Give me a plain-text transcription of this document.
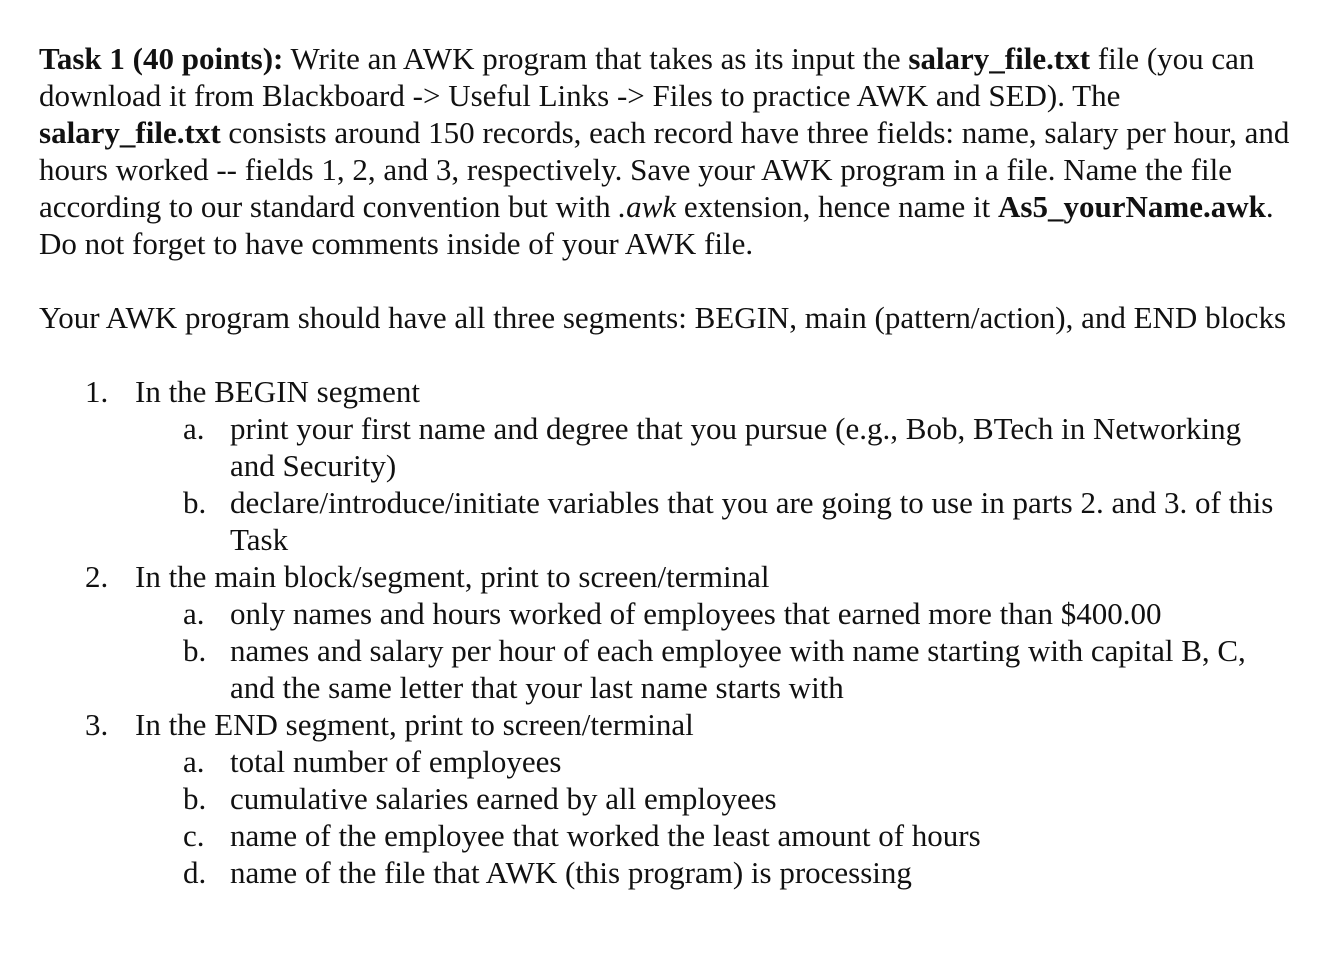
Task 1 (40 points): Write an AWK program that takes as its input the salary_file.txt file (you can download it from Blackboard -> Useful Links -> Files to practice AWK and SED). The salary_file.txt consists around 150 records, each record have three fields: name, salary per hour, and hours worked -- fields 1, 2, and 3, respectively. Save your AWK program in a file. Name the file according to our standard convention but with .awk extension, hence name it As5_yourName.awk. Do not forget to have comments inside of your AWK file.

Your AWK program should have all three segments: BEGIN, main (pattern/action), and END blocks

1. In the BEGIN segment
a. print your first name and degree that you pursue (e.g., Bob, BTech in Networking and Security)
b. declare/introduce/initiate variables that you are going to use in parts 2. and 3. of this Task
2. In the main block/segment, print to screen/terminal
a. only names and hours worked of employees that earned more than $400.00
b. names and salary per hour of each employee with name starting with capital B, C, and the same letter that your last name starts with
3. In the END segment, print to screen/terminal
a. total number of employees
b. cumulative salaries earned by all employees
c. name of the employee that worked the least amount of hours
d. name of the file that AWK (this program) is processing
